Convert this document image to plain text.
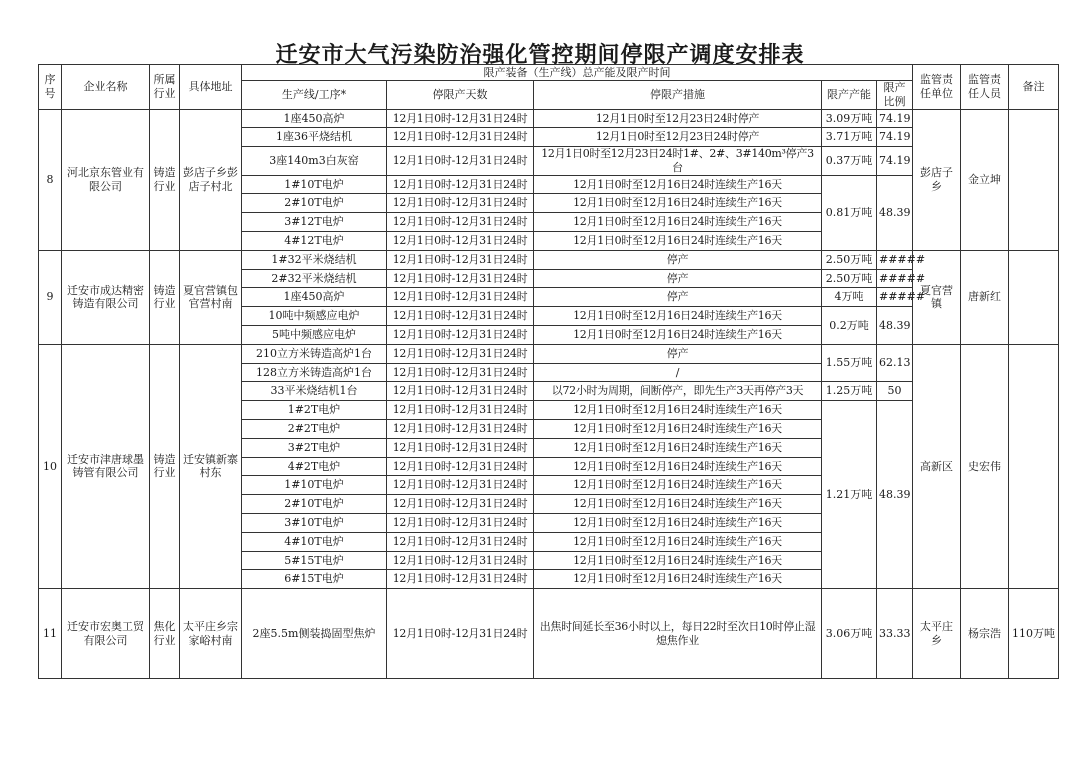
迁安市大气污染防治强化管控期间停限产调度安排表
序号	企业名称	所属行业	具体地址	限产装备（生产线）总产能及限产时间					监管责任单位	监管责任人员	备注
				生产线/工序*	停限产天数	停限产措施	限产产能	限产比例			
8	河北京东管业有限公司	铸造行业	彭店子乡彭店子村北	1座450高炉	12月1日0时-12月31日24时	12月1日0时至12月23日24时停产	3.09万吨	74.19	彭店子乡	金立坤	
				1座36平烧结机	12月1日0时-12月31日24时	12月1日0时至12月23日24时停产	3.71万吨	74.19			
				3座140m3白灰窑	12月1日0时-12月31日24时	12月1日0时至12月23日24时1#、2#、3#140m³停产3台	0.37万吨	74.19			
				1#10T电炉	12月1日0时-12月31日24时	12月1日0时至12月16日24时连续生产16天	0.81万吨	48.39			
				2#10T电炉	12月1日0时-12月31日24时	12月1日0时至12月16日24时连续生产16天					
				3#12T电炉	12月1日0时-12月31日24时	12月1日0时至12月16日24时连续生产16天					
				4#12T电炉	12月1日0时-12月31日24时	12月1日0时至12月16日24时连续生产16天					
9	迁安市成达精密铸造有限公司	铸造行业	夏官营镇包官营村南	1#32平米烧结机	12月1日0时-12月31日24时	停产	2.50万吨	#####	夏官营镇	唐新红	
				2#32平米烧结机	12月1日0时-12月31日24时	停产	2.50万吨	#####			
				1座450高炉	12月1日0时-12月31日24时	停产	4万吨	#####			
				10吨中频感应电炉	12月1日0时-12月31日24时	12月1日0时至12月16日24时连续生产16天	0.2万吨	48.39			
				5吨中频感应电炉	12月1日0时-12月31日24时	12月1日0时至12月16日24时连续生产16天					
10	迁安市津唐球墨铸管有限公司	铸造行业	迁安镇新寨村东	210立方米铸造高炉1台	12月1日0时-12月31日24时	停产	1.55万吨	62.13	高新区	史宏伟	
				128立方米铸造高炉1台	12月1日0时-12月31日24时	/					
				33平米烧结机1台	12月1日0时-12月31日24时	以72小时为周期，间断停产，即先生产3天再停产3天	1.25万吨	50			
				1#2T电炉	12月1日0时-12月31日24时	12月1日0时至12月16日24时连续生产16天	1.21万吨	48.39			
				2#2T电炉	12月1日0时-12月31日24时	12月1日0时至12月16日24时连续生产16天					
				3#2T电炉	12月1日0时-12月31日24时	12月1日0时至12月16日24时连续生产16天					
				4#2T电炉	12月1日0时-12月31日24时	12月1日0时至12月16日24时连续生产16天					
				1#10T电炉	12月1日0时-12月31日24时	12月1日0时至12月16日24时连续生产16天					
				2#10T电炉	12月1日0时-12月31日24时	12月1日0时至12月16日24时连续生产16天					
				3#10T电炉	12月1日0时-12月31日24时	12月1日0时至12月16日24时连续生产16天					
				4#10T电炉	12月1日0时-12月31日24时	12月1日0时至12月16日24时连续生产16天					
				5#15T电炉	12月1日0时-12月31日24时	12月1日0时至12月16日24时连续生产16天					
				6#15T电炉	12月1日0时-12月31日24时	12月1日0时至12月16日24时连续生产16天					
11	迁安市宏奥工贸有限公司	焦化行业	太平庄乡宗家峪村南	2座5.5m侧装捣固型焦炉	12月1日0时-12月31日24时	出焦时间延长至36小时以上，每日22时至次日10时停止湿熄焦作业	3.06万吨	33.33	太平庄乡	杨宗浩	110万吨
